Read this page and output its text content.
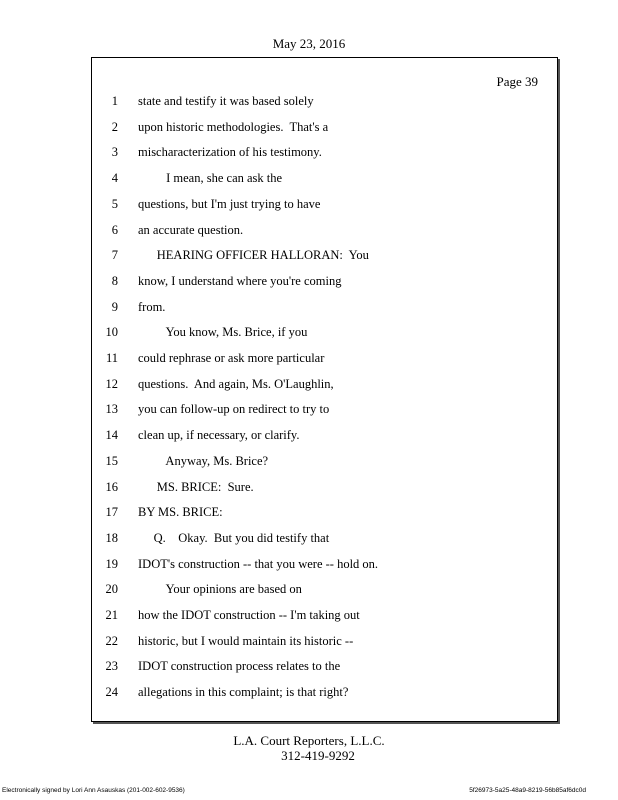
May 23, 2016
Page 39
1 state and testify it was based solely
2 upon historic methodologies.  That's a
3 mischaracterization of his testimony.
4 I mean, she can ask the
5 questions, but I'm just trying to have
6 an accurate question.
7 HEARING OFFICER HALLORAN:  You
8 know, I understand where you're coming
9 from.
10 You know, Ms. Brice, if you
11 could rephrase or ask more particular
12 questions.  And again, Ms. O'Laughlin,
13 you can follow-up on redirect to try to
14 clean up, if necessary, or clarify.
15 Anyway, Ms. Brice?
16 MS. BRICE:  Sure.
17 BY MS. BRICE:
18 Q.    Okay.  But you did testify that
19 IDOT's construction -- that you were -- hold on.
20 Your opinions are based on
21 how the IDOT construction -- I'm taking out
22 historic, but I would maintain its historic --
23 IDOT construction process relates to the
24 allegations in this complaint; is that right?
L.A. Court Reporters, L.L.C.
312-419-9292
Electronically signed by Lori Ann Asauskas (201-002-602-9536)	5f26973-5a25-48a9-8219-56b85af6dc0d
